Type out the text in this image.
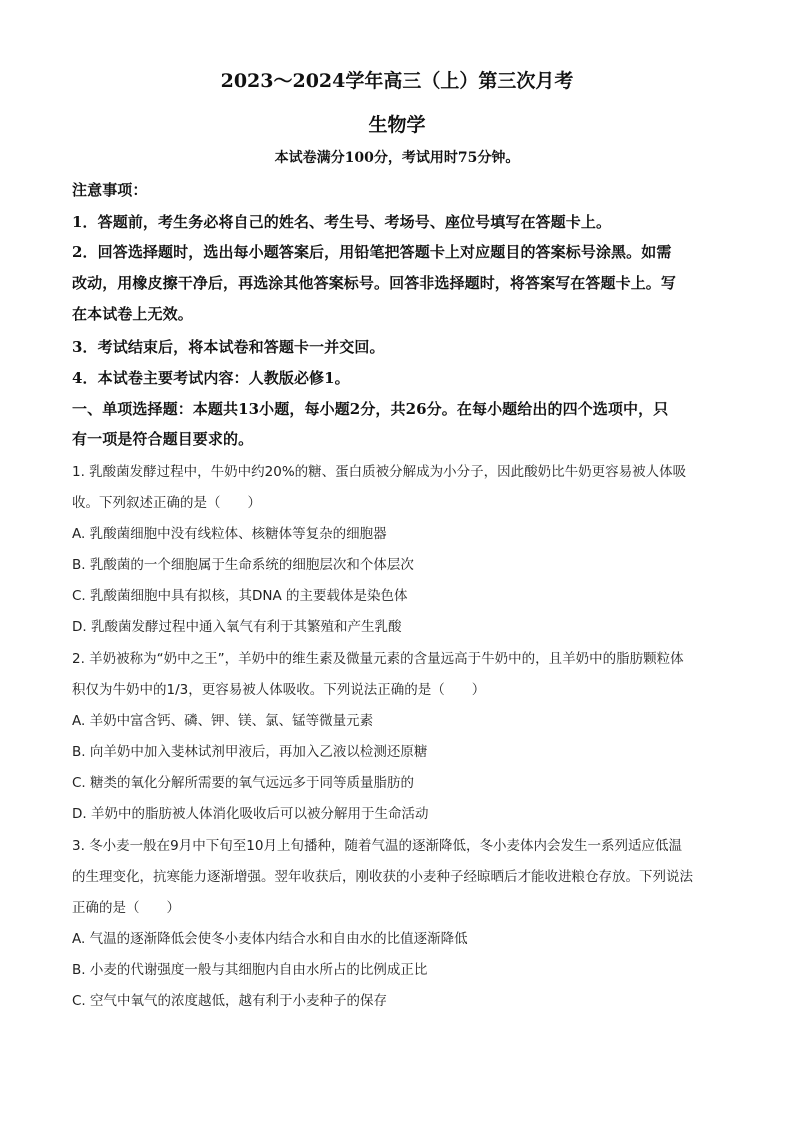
2023～2024学年高三（上）第三次月考
生物学
本试卷满分100分，考试用时75分钟。
注意事项：
1．答题前，考生务必将自己的姓名、考生号、考场号、座位号填写在答题卡上。
2．回答选择题时，选出每小题答案后，用铅笔把答题卡上对应题目的答案标号涂黑。如需
改动，用橡皮擦干净后，再选涂其他答案标号。回答非选择题时，将答案写在答题卡上。写
在本试卷上无效。
3．考试结束后，将本试卷和答题卡一并交回。
4．本试卷主要考试内容：人教版必修1。
一、单项选择题：本题共13小题，每小题2分，共26分。在每小题给出的四个选项中，只
有一项是符合题目要求的。
1. 乳酸菌发酵过程中，牛奶中约20%的糖、蛋白质被分解成为小分子，因此酸奶比牛奶更容易被人体吸
收。下列叙述正确的是（　　）
A. 乳酸菌细胞中没有线粒体、核糖体等复杂的细胞器
B. 乳酸菌的一个细胞属于生命系统的细胞层次和个体层次
C. 乳酸菌细胞中具有拟核，其DNA 的主要载体是染色体
D. 乳酸菌发酵过程中通入氧气有利于其繁殖和产生乳酸
2. 羊奶被称为“奶中之王”，羊奶中的维生素及微量元素的含量远高于牛奶中的，且羊奶中的脂肪颗粒体
积仅为牛奶中的1/3，更容易被人体吸收。下列说法正确的是（　　）
A. 羊奶中富含钙、磷、钾、镁、氯、锰等微量元素
B. 向羊奶中加入斐林试剂甲液后，再加入乙液以检测还原糖
C. 糖类的氧化分解所需要的氧气远远多于同等质量脂肪的
D. 羊奶中的脂肪被人体消化吸收后可以被分解用于生命活动
3. 冬小麦一般在9月中下旬至10月上旬播种，随着气温的逐渐降低，冬小麦体内会发生一系列适应低温
的生理变化，抗寒能力逐渐增强。翌年收获后，刚收获的小麦种子经晾晒后才能收进粮仓存放。下列说法
正确的是（　　）
A. 气温的逐渐降低会使冬小麦体内结合水和自由水的比值逐渐降低
B. 小麦的代谢强度一般与其细胞内自由水所占的比例成正比
C. 空气中氧气的浓度越低，越有利于小麦种子的保存
